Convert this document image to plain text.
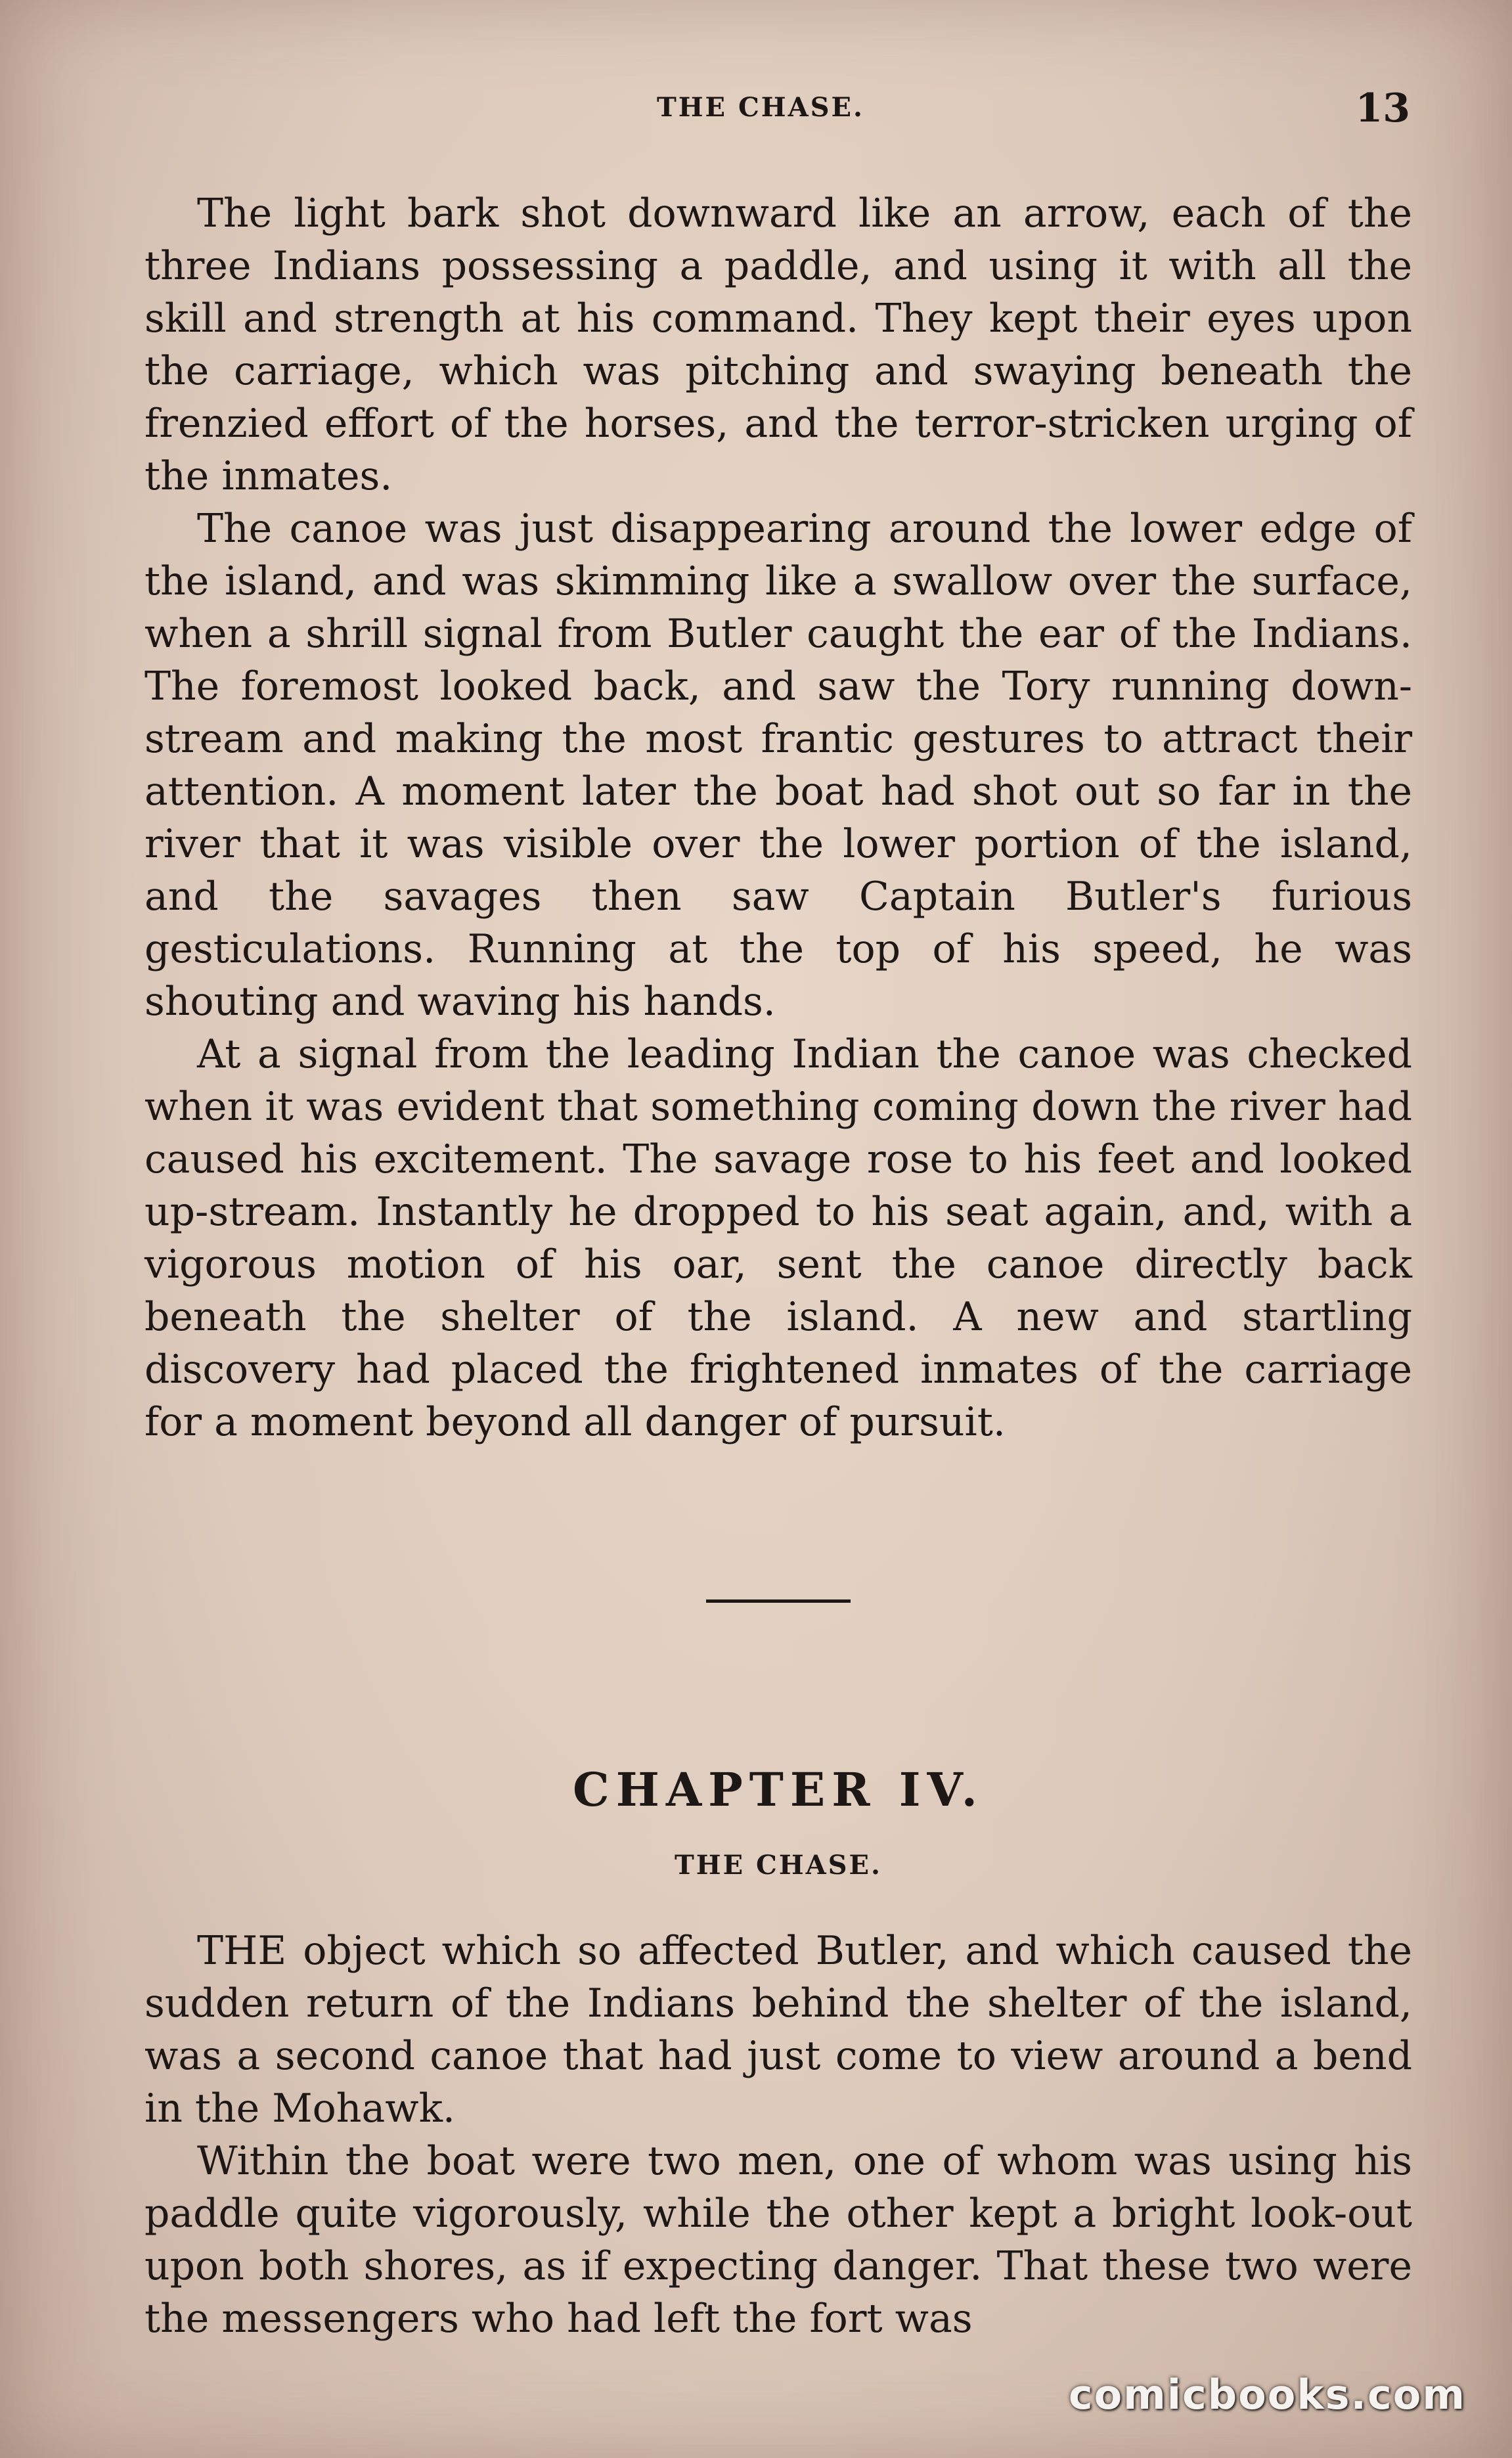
THE CHASE.	13

The light bark shot downward like an arrow, each of the three Indians possessing a paddle, and using it with all the skill and strength at his command. They kept their eyes upon the carriage, which was pitching and swaying beneath the frenzied effort of the horses, and the terror-stricken urging of the inmates.

The canoe was just disappearing around the lower edge of the island, and was skimming like a swallow over the surface, when a shrill signal from Butler caught the ear of the Indians. The foremost looked back, and saw the Tory running down-stream and making the most frantic gestures to attract their attention. A moment later the boat had shot out so far in the river that it was visible over the lower portion of the island, and the savages then saw Captain Butler's furious gesticulations. Running at the top of his speed, he was shouting and waving his hands.

At a signal from the leading Indian the canoe was checked when it was evident that something coming down the river had caused his excitement. The savage rose to his feet and looked up-stream. Instantly he dropped to his seat again, and, with a vigorous motion of his oar, sent the canoe directly back beneath the shelter of the island. A new and startling discovery had placed the frightened inmates of the carriage for a moment beyond all danger of pursuit.

CHAPTER IV.
THE CHASE.

THE object which so affected Butler, and which caused the sudden return of the Indians behind the shelter of the island, was a second canoe that had just come to view around a bend in the Mohawk.

Within the boat were two men, one of whom was using his paddle quite vigorously, while the other kept a bright look-out upon both shores, as if expecting danger. That these two were the messengers who had left the fort was

comicbooks.com
